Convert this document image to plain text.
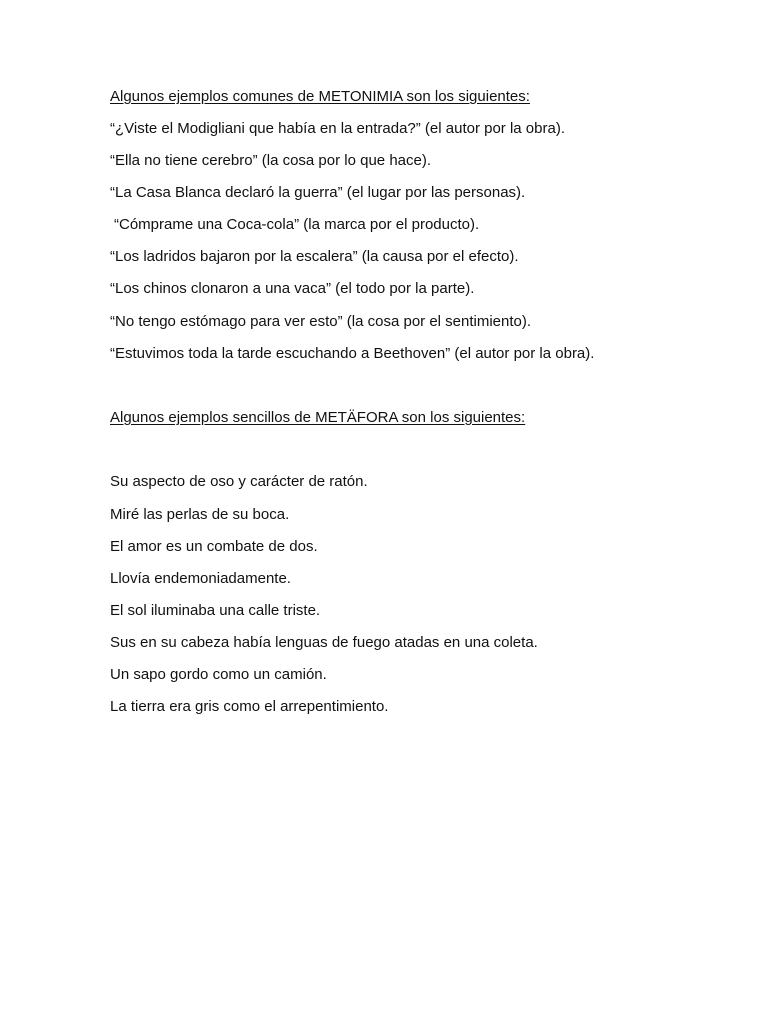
Algunos ejemplos comunes de METONIMIA son los siguientes:
“¿Viste el Modigliani que había en la entrada?” (el autor por la obra).
“Ella no tiene cerebro” (la cosa por lo que hace).
“La Casa Blanca declaró la guerra” (el lugar por las personas).
“Cómprame una Coca-cola” (la marca por el producto).
“Los ladridos bajaron por la escalera” (la causa por el efecto).
“Los chinos clonaron a una vaca” (el todo por la parte).
“No tengo estómago para ver esto” (la cosa por el sentimiento).
“Estuvimos toda la tarde escuchando a Beethoven” (el autor por la obra).
Algunos ejemplos sencillos de METÄFORA son los siguientes:
Su aspecto de oso y carácter de ratón.
Miré las perlas de su boca.
El amor es un combate de dos.
Llovía endemoniadamente.
El sol iluminaba una calle triste.
Sus en su cabeza había lenguas de fuego atadas en una coleta.
Un sapo gordo como un camión.
La tierra era gris como el arrepentimiento.
